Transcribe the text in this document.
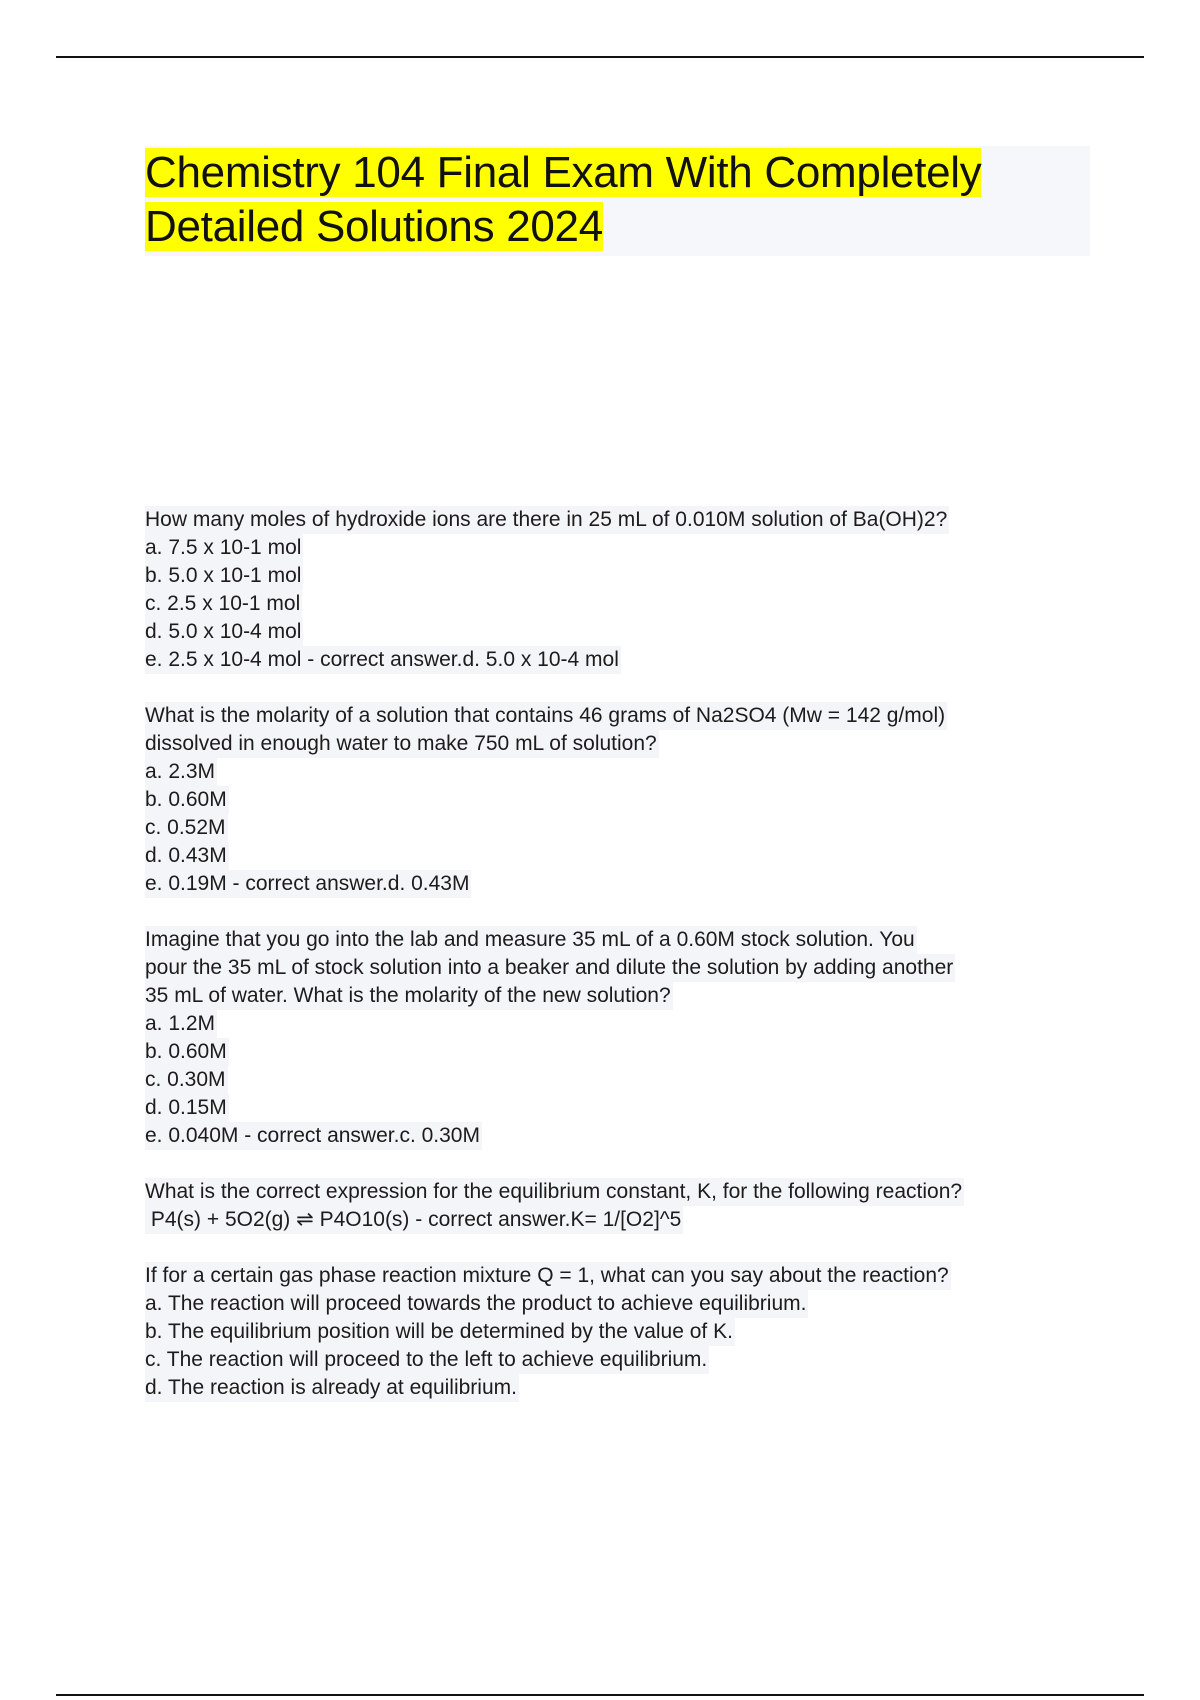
Chemistry 104 Final Exam With Completely Detailed Solutions 2024
How many moles of hydroxide ions are there in 25 mL of 0.010M solution of Ba(OH)2?
a. 7.5 x 10-1 mol
b. 5.0 x 10-1 mol
c. 2.5 x 10-1 mol
d. 5.0 x 10-4 mol
e. 2.5 x 10-4 mol - correct answer.d. 5.0 x 10-4 mol
What is the molarity of a solution that contains 46 grams of Na2SO4 (Mw = 142 g/mol)
dissolved in enough water to make 750 mL of solution?
a. 2.3M
b. 0.60M
c. 0.52M
d. 0.43M
e. 0.19M - correct answer.d. 0.43M
Imagine that you go into the lab and measure 35 mL of a 0.60M stock solution. You
pour the 35 mL of stock solution into a beaker and dilute the solution by adding another
35 mL of water. What is the molarity of the new solution?
a. 1.2M
b. 0.60M
c. 0.30M
d. 0.15M
e. 0.040M - correct answer.c. 0.30M
What is the correct expression for the equilibrium constant, K, for the following reaction?
P4(s) + 5O2(g) ⇌ P4O10(s) - correct answer.K= 1/[O2]^5
If for a certain gas phase reaction mixture Q = 1, what can you say about the reaction?
a. The reaction will proceed towards the product to achieve equilibrium.
b. The equilibrium position will be determined by the value of K.
c. The reaction will proceed to the left to achieve equilibrium.
d. The reaction is already at equilibrium.
